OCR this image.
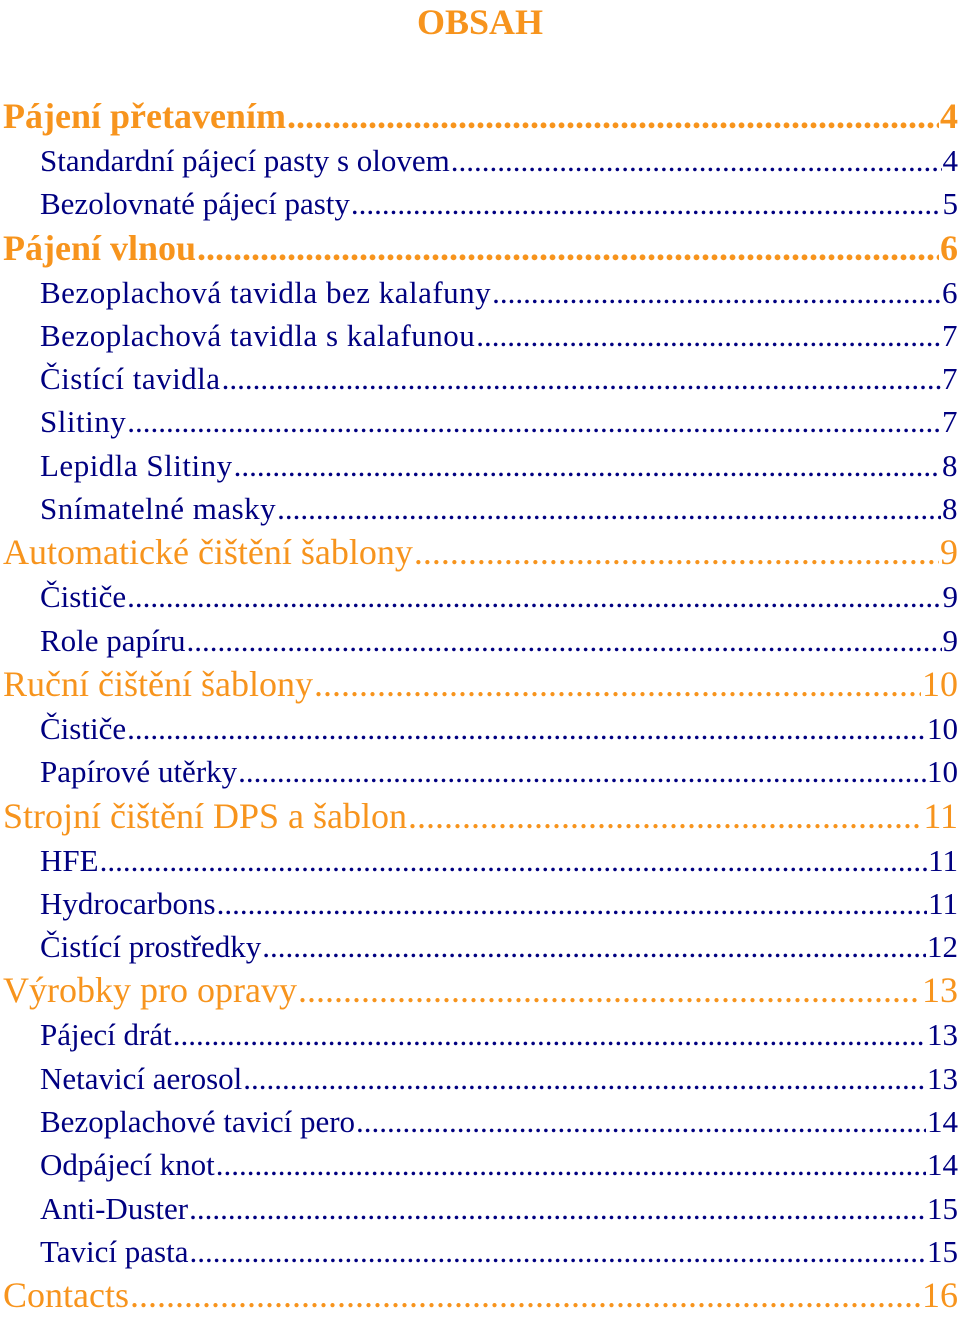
OBSAH
Pájení přetavením .....	4
Standardní pájecí pasty s olovem .....	4
Bezolovnaté pájecí pasty .....	5
Pájení vlnou .....	6
Bezoplachová tavidla bez kalafuny .....	6
Bezoplachová tavidla s kalafunou .....	7
Čistící tavidla .....	7
Slitiny .....	7
Lepidla Slitiny .....	8
Snímatelné masky .....	8
Automatické čištění šablony .....	9
Čističe .....	9
Role papíru .....	9
Ruční čištění šablony .....	10
Čističe .....	10
Papírové utěrky .....	10
Strojní čištění DPS a šablon .....	11
HFE .....	11
Hydrocarbons .....	11
Čistící prostředky .....	12
Výrobky pro opravy .....	13
Pájecí drát .....	13
Netavicí aerosol .....	13
Bezoplachové tavicí pero .....	14
Odpájecí knot .....	14
Anti-Duster .....	15
Tavicí pasta .....	15
Contacts .....	16
